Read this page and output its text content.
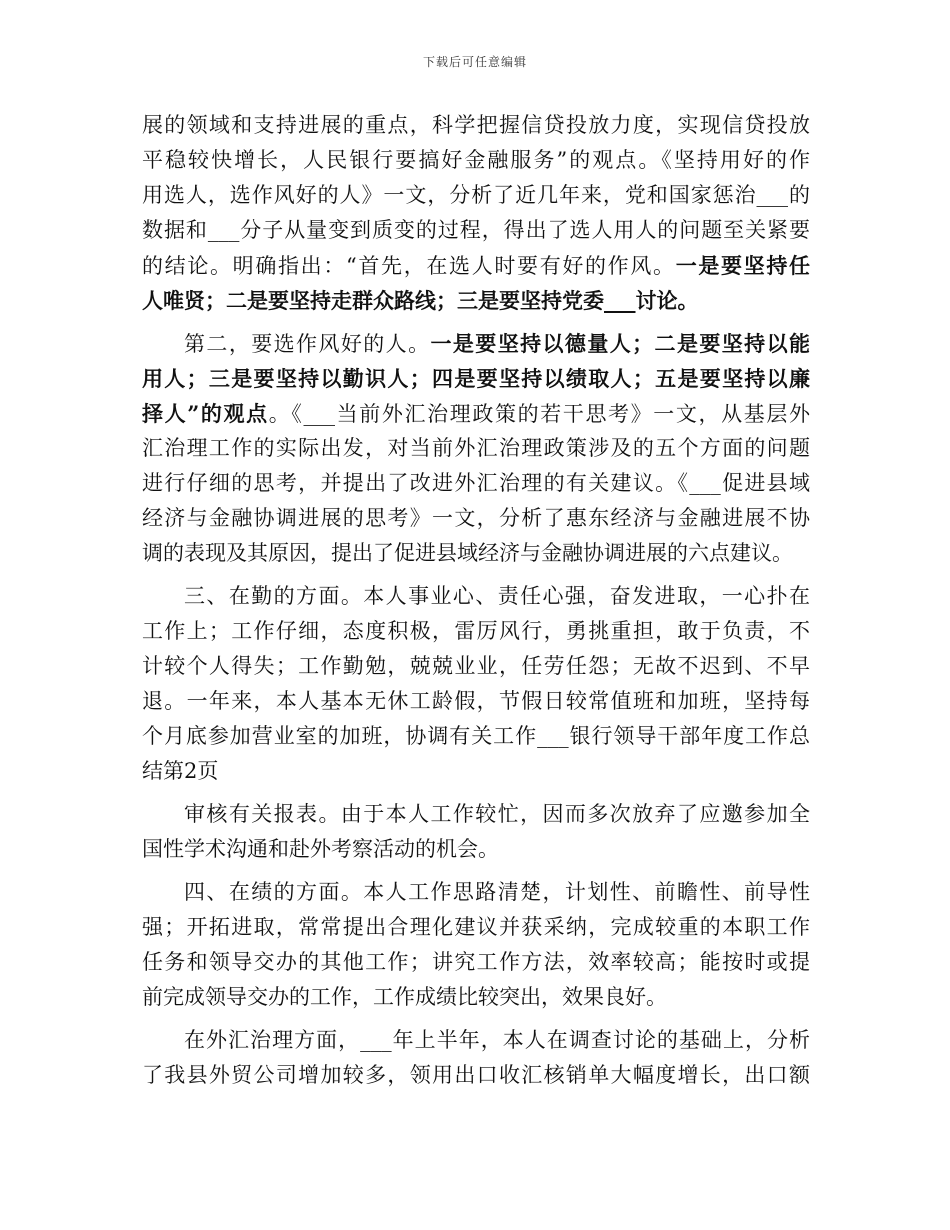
下载后可任意编辑
展的领域和支持进展的重点，科学把握信贷投放力度，实现信贷投放
平稳较快增长，人民银行要搞好金融服务”的观点。《坚持用好的作
用选人，选作风好的人》一文，分析了近几年来，党和国家惩治___的
数据和___分子从量变到质变的过程，得出了选人用人的问题至关紧要
的结论。明确指出：“首先，在选人时要有好的作风。一是要坚持任
人唯贤；二是要坚持走群众路线；三是要坚持党委___讨论。
第二，要选作风好的人。一是要坚持以德量人；二是要坚持以能
用人；三是要坚持以勤识人；四是要坚持以绩取人；五是要坚持以廉
择人”的观点。《___当前外汇治理政策的若干思考》一文，从基层外
汇治理工作的实际出发，对当前外汇治理政策涉及的五个方面的问题
进行仔细的思考，并提出了改进外汇治理的有关建议。《___促进县域
经济与金融协调进展的思考》一文，分析了惠东经济与金融进展不协
调的表现及其原因，提出了促进县域经济与金融协调进展的六点建议。
三、在勤的方面。本人事业心、责任心强，奋发进取，一心扑在
工作上；工作仔细，态度积极，雷厉风行，勇挑重担，敢于负责，不
计较个人得失；工作勤勉，兢兢业业，任劳任怨；无故不迟到、不早
退。一年来，本人基本无休工龄假，节假日较常值班和加班，坚持每
个月底参加营业室的加班，协调有关工作___银行领导干部年度工作总
结第2页
审核有关报表。由于本人工作较忙，因而多次放弃了应邀参加全
国性学术沟通和赴外考察活动的机会。
四、在绩的方面。本人工作思路清楚，计划性、前瞻性、前导性
强；开拓进取，常常提出合理化建议并获采纳，完成较重的本职工作
任务和领导交办的其他工作；讲究工作方法，效率较高；能按时或提
前完成领导交办的工作，工作成绩比较突出，效果良好。
在外汇治理方面，___年上半年，本人在调查讨论的基础上，分析
了我县外贸公司增加较多，领用出口收汇核销单大幅度增长，出口额
